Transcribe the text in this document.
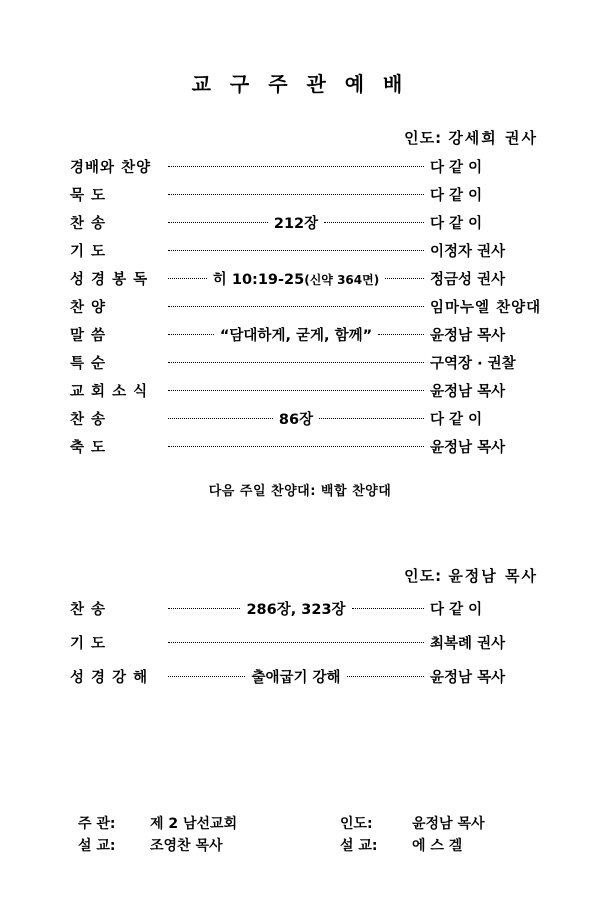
교 구 주 관 예 배
인도: 강세희 권사
경배와 찬양	다 같 이
묵 도	다 같 이
찬 송	212장	다 같 이
기 도	이정자 권사
성 경 봉 독	히 10:19-25(신약 364면)	정금성 권사
찬 양	임마누엘 찬양대
말 씀	“담대하게, 굳게, 함께”	윤정남 목사
특 순	구역장 · 권찰
교 회 소 식	윤정남 목사
찬 송	86장	다 같 이
축 도	윤정남 목사
다음 주일 찬양대: 백합 찬양대
인도: 윤정남 목사
찬 송	286장, 323장	다 같 이
기 도	최복례 권사
성 경 강 해	출애굽기 강해	윤정남 목사
주 관:	제 2 남선교회	인도:	윤정남 목사
설 교:	조영찬 목사	설 교:	에 스 겔
